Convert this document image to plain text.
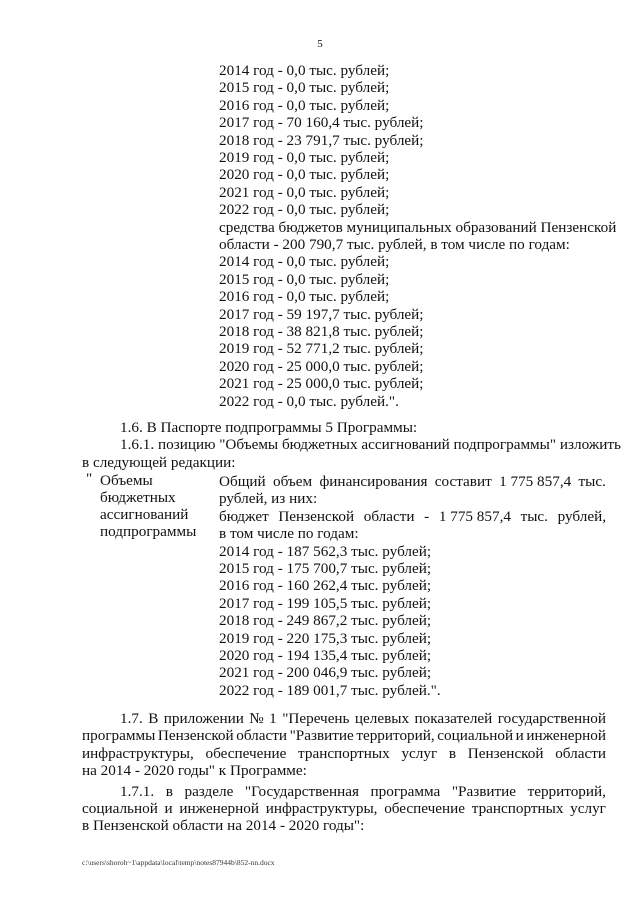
5
2014 год - 0,0 тыс. рублей;
2015 год - 0,0 тыс. рублей;
2016 год - 0,0 тыс. рублей;
2017 год - 70 160,4 тыс. рублей;
2018 год - 23 791,7 тыс. рублей;
2019 год - 0,0 тыс. рублей;
2020 год - 0,0 тыс. рублей;
2021 год - 0,0 тыс. рублей;
2022 год - 0,0 тыс. рублей;
средства бюджетов муниципальных образований Пензенской
области - 200 790,7 тыс. рублей, в том числе по годам:
2014 год - 0,0 тыс. рублей;
2015 год - 0,0 тыс. рублей;
2016 год - 0,0 тыс. рублей;
2017 год - 59 197,7 тыс. рублей;
2018 год - 38 821,8 тыс. рублей;
2019 год - 52 771,2 тыс. рублей;
2020 год - 25 000,0 тыс. рублей;
2021 год - 25 000,0 тыс. рублей;
2022 год - 0,0 тыс. рублей.".
1.6. В Паспорте подпрограммы 5 Программы:
1.6.1. позицию "Объемы бюджетных ассигнований подпрограммы" изложить
в следующей редакции:
Общий объем финансирования составит 1 775 857,4 тыс.
рублей, из них:
бюджет Пензенской области - 1 775 857,4 тыс. рублей,
в том числе по годам:
2014 год - 187 562,3 тыс. рублей;
2015 год - 175 700,7 тыс. рублей;
2016 год - 160 262,4 тыс. рублей;
2017 год - 199 105,5 тыс. рублей;
2018 год - 249 867,2 тыс. рублей;
2019 год - 220 175,3 тыс. рублей;
2020 год - 194 135,4 тыс. рублей;
2021 год - 200 046,9 тыс. рублей;
2022 год - 189 001,7 тыс. рублей.".
1.7. В приложении № 1 "Перечень целевых показателей государственной
программы Пензенской области "Развитие территорий, социальной и инженерной
инфраструктуры, обеспечение транспортных услуг в Пензенской области
на 2014 - 2020 годы" к Программе:
1.7.1. в разделе "Государственная программа "Развитие территорий,
социальной и инженерной инфраструктуры, обеспечение транспортных услуг
в Пензенской области на 2014 - 2020 годы":
" Объемы
бюджетных
ассигнований
подпрограммы
c:\users\shoroh~1\appdata\local\temp\notes87944b\852-nn.docx
